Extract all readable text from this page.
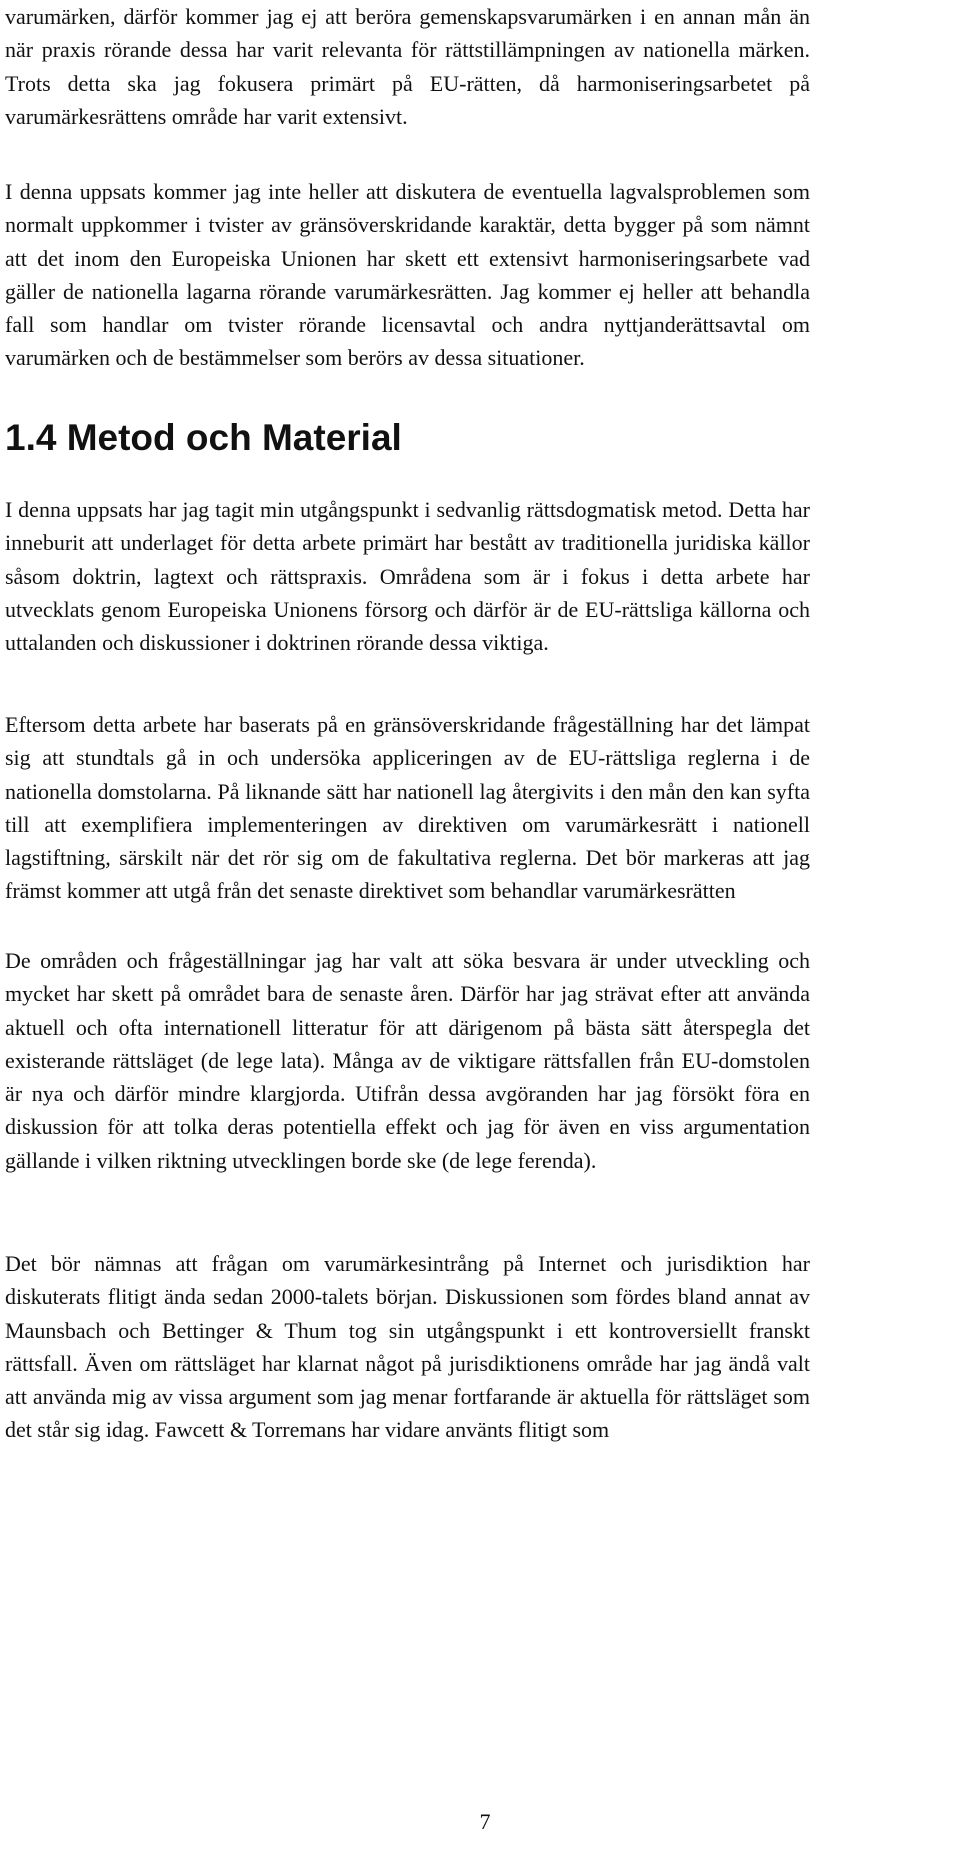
varumärken, därför kommer jag ej att beröra gemenskapsvarumärken i en annan mån än när praxis rörande dessa har varit relevanta för rättstillämpningen av nationella märken. Trots detta ska jag fokusera primärt på EU-rätten, då harmoniseringsarbetet på varumärkesrättens område har varit extensivt.

I denna uppsats kommer jag inte heller att diskutera de eventuella lagvalsproblemen som normalt uppkommer i tvister av gränsöverskridande karaktär, detta bygger på som nämnt att det inom den Europeiska Unionen har skett ett extensivt harmoniseringsarbete vad gäller de nationella lagarna rörande varumärkesrätten. Jag kommer ej heller att behandla fall som handlar om tvister rörande licensavtal och andra nyttjanderättsavtal om varumärken och de bestämmelser som berörs av dessa situationer.

1.4 Metod och Material

I denna uppsats har jag tagit min utgångspunkt i sedvanlig rättsdogmatisk metod. Detta har inneburit att underlaget för detta arbete primärt har bestått av traditionella juridiska källor såsom doktrin, lagtext och rättspraxis. Områdena som är i fokus i detta arbete har utvecklats genom Europeiska Unionens försorg och därför är de EU-rättsliga källorna och uttalanden och diskussioner i doktrinen rörande dessa viktiga.

Eftersom detta arbete har baserats på en gränsöverskridande frågeställning har det lämpat sig att stundtals gå in och undersöka appliceringen av de EU-rättsliga reglerna i de nationella domstolarna. På liknande sätt har nationell lag återgivits i den mån den kan syfta till att exemplifiera implementeringen av direktiven om varumärkesrätt i nationell lagstiftning, särskilt när det rör sig om de fakultativa reglerna. Det bör markeras att jag främst kommer att utgå från det senaste direktivet som behandlar varumärkesrätten

De områden och frågeställningar jag har valt att söka besvara är under utveckling och mycket har skett på området bara de senaste åren. Därför har jag strävat efter att använda aktuell och ofta internationell litteratur för att därigenom på bästa sätt återspegla det existerande rättsläget (de lege lata). Många av de viktigare rättsfallen från EU-domstolen är nya och därför mindre klargjorda. Utifrån dessa avgöranden har jag försökt föra en diskussion för att tolka deras potentiella effekt och jag för även en viss argumentation gällande i vilken riktning utvecklingen borde ske (de lege ferenda).

Det bör nämnas att frågan om varumärkesintrång på Internet och jurisdiktion har diskuterats flitigt ända sedan 2000-talets början. Diskussionen som fördes bland annat av Maunsbach och Bettinger & Thum tog sin utgångspunkt i ett kontroversiellt franskt rättsfall. Även om rättsläget har klarnat något på jurisdiktionens område har jag ändå valt att använda mig av vissa argument som jag menar fortfarande är aktuella för rättsläget som det står sig idag. Fawcett & Torremans har vidare använts flitigt som

7
